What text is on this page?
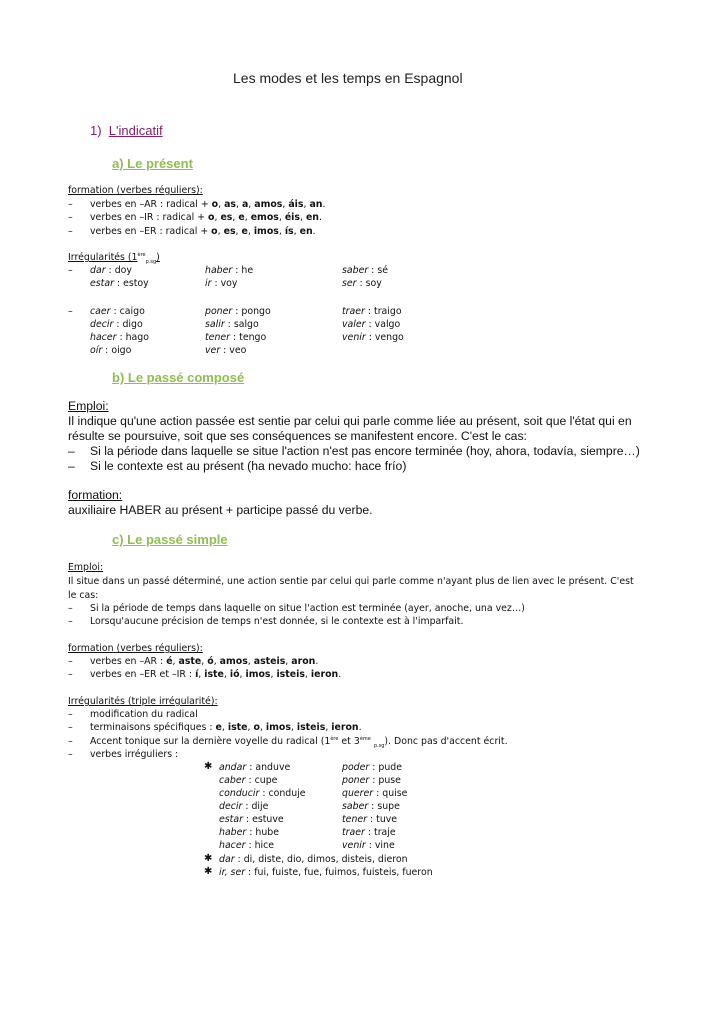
Les modes et les temps en Espagnol
1) L'indicatif
a) Le présent
formation (verbes réguliers):
– verbes en –AR : radical + o, as, a, amos, áis, an.
– verbes en –IR : radical + o, es, e, emos, éis, en.
– verbes en –ER : radical + o, es, e, imos, ís, en.
Irrégularités $(1ère_{p.sg})$
– dar : doy	haber : he	saber : sé
estar : estoy	ir : voy	ser : soy
– caer : caigo	poner : pongo	traer : traigo
decir : digo	salir : salgo	valer : valgo
hacer : hago	tener : tengo	venir : vengo
oír : oigo	ver : veo
b) Le passé composé
Emploi:
Il indique qu'une action passée est sentie par celui qui parle comme liée au présent, soit que l'état qui en
résulte se poursuive, soit que ses conséquences se manifestent encore. C'est le cas:
– Si la période dans laquelle se situe l'action n'est pas encore terminée (hoy, ahora, todavía, siempre…)
– Si le contexte est au présent (ha nevado mucho: hace frío)
formation:
auxiliaire HABER au présent + participe passé du verbe.
c) Le passé simple
Emploi:
Il situe dans un passé déterminé, une action sentie par celui qui parle comme n'ayant plus de lien avec le présent. C'est
le cas:
– Si la période de temps dans laquelle on situe l'action est terminée (ayer, anoche, una vez…)
– Lorsqu'aucune précision de temps n'est donnée, si le contexte est à l'imparfait.
formation (verbes réguliers):
– verbes en –AR : é, aste, ó, amos, asteis, aron.
– verbes en –ER et –IR : í, iste, ió, imos, isteis, ieron.
Irrégularités (triple irrégularité):
– modification du radical
– terminaisons spécifiques : e, iste, o, imos, isteis, ieron.
– Accent tonique sur la dernière voyelle du radical (1ère et 3ème $_{p.sg}$). Donc pas d'accent écrit.
– verbes irréguliers :
✱ andar : anduve	poder : pude
caber : cupe	poner : puse
conducir : conduje	querer : quise
decir : dije	saber : supe
estar : estuve	tener : tuve
haber : hube	traer : traje
hacer : hice	venir : vine
✱ dar : di, diste, dio, dimos, disteis, dieron
✱ ir, ser : fui, fuiste, fue, fuimos, fuisteis, fueron
